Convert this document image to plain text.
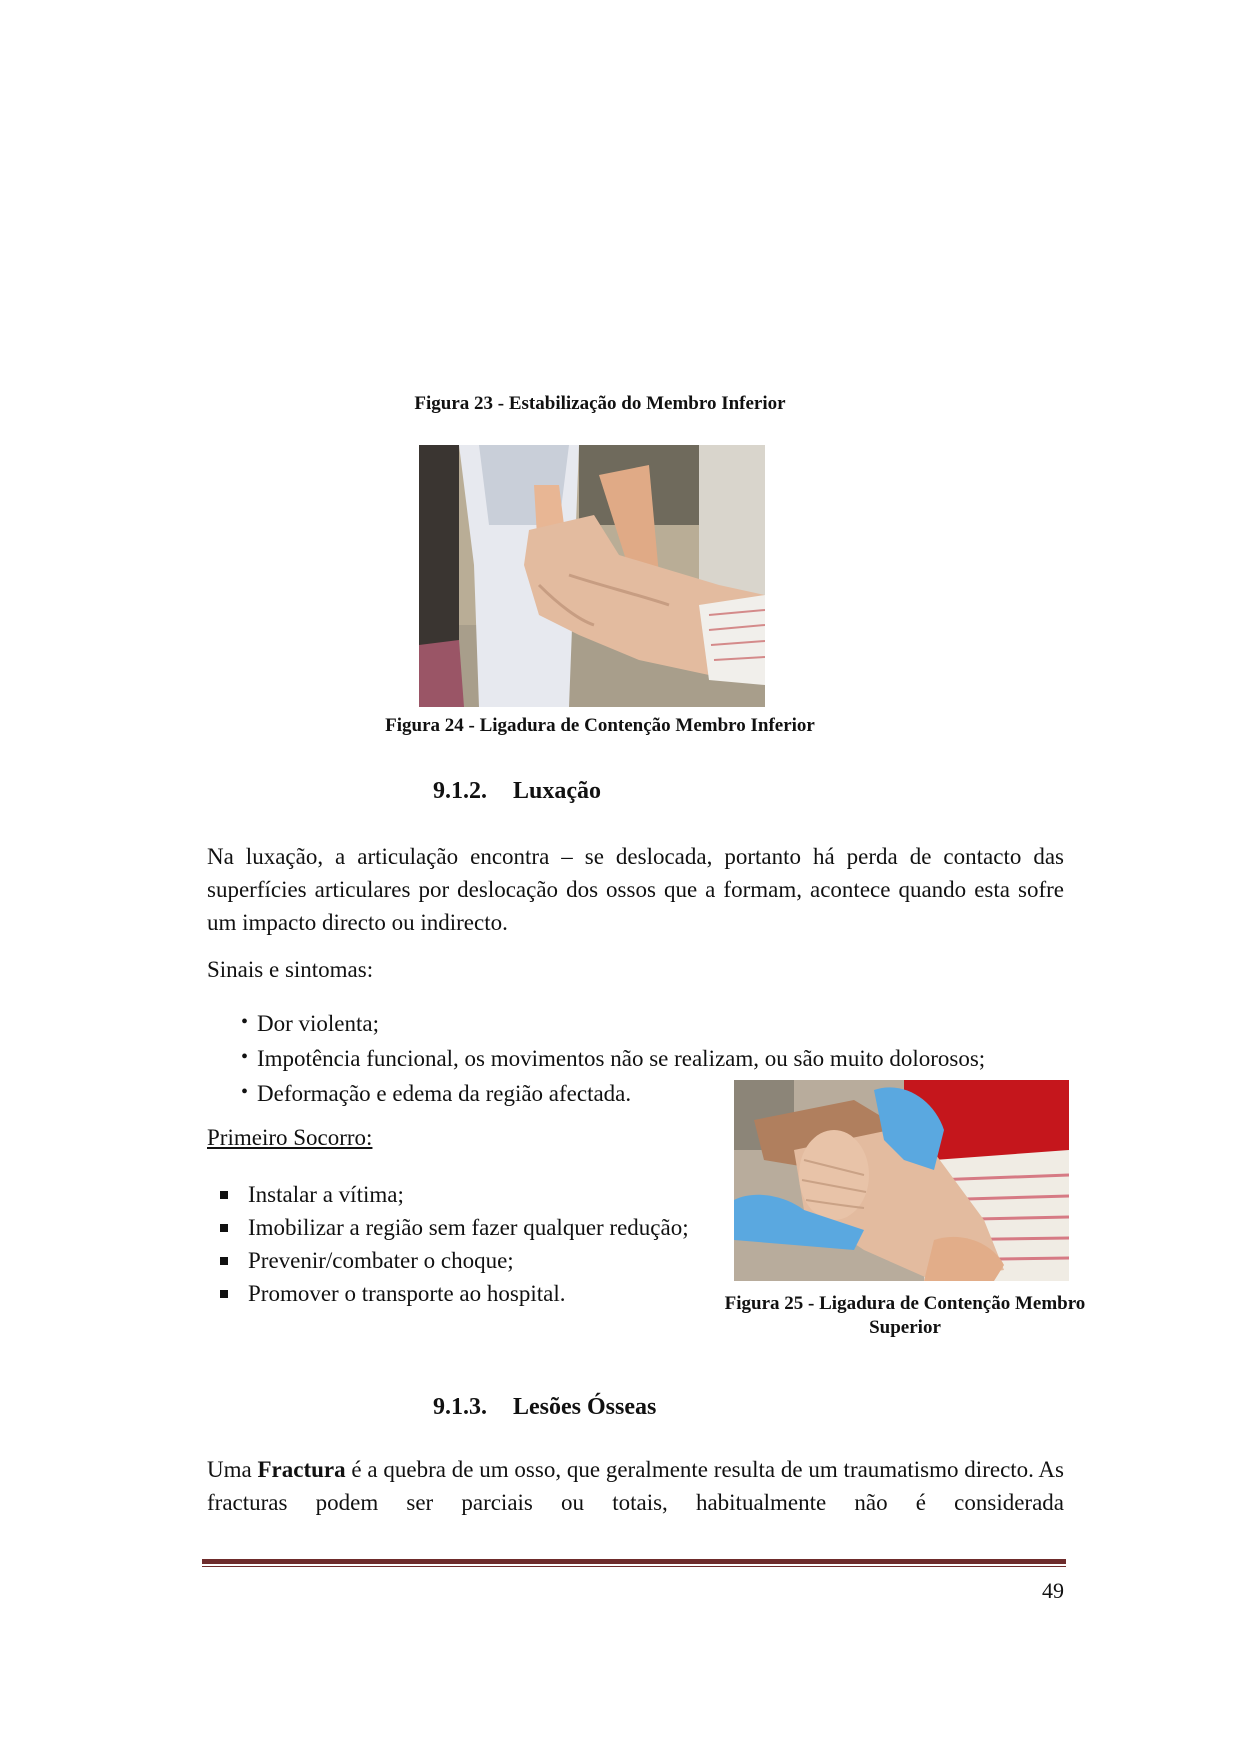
Figura 23 - Estabilização do Membro Inferior
Figura 24 - Ligadura de Contenção Membro Inferior
9.1.2. Luxação
Na luxação, a articulação encontra – se deslocada, portanto há perda de contacto das superfícies articulares por deslocação dos ossos que a formam, acontece quando esta sofre um impacto directo ou indirecto.
Sinais e sintomas:
• Dor violenta;
• Impotência funcional, os movimentos não se realizam, ou são muito dolorosos;
• Deformação e edema da região afectada.
Figura 25 - Ligadura de Contenção Membro
Superior
Primeiro Socorro:
Instalar a vítima;
Imobilizar a região sem fazer qualquer redução;
Prevenir/combater o choque;
Promover o transporte ao hospital.
9.1.3. Lesões Ósseas
Uma Fractura é a quebra de um osso, que geralmente resulta de um traumatismo directo. As fracturas podem ser parciais ou totais, habitualmente não é considerada
49
